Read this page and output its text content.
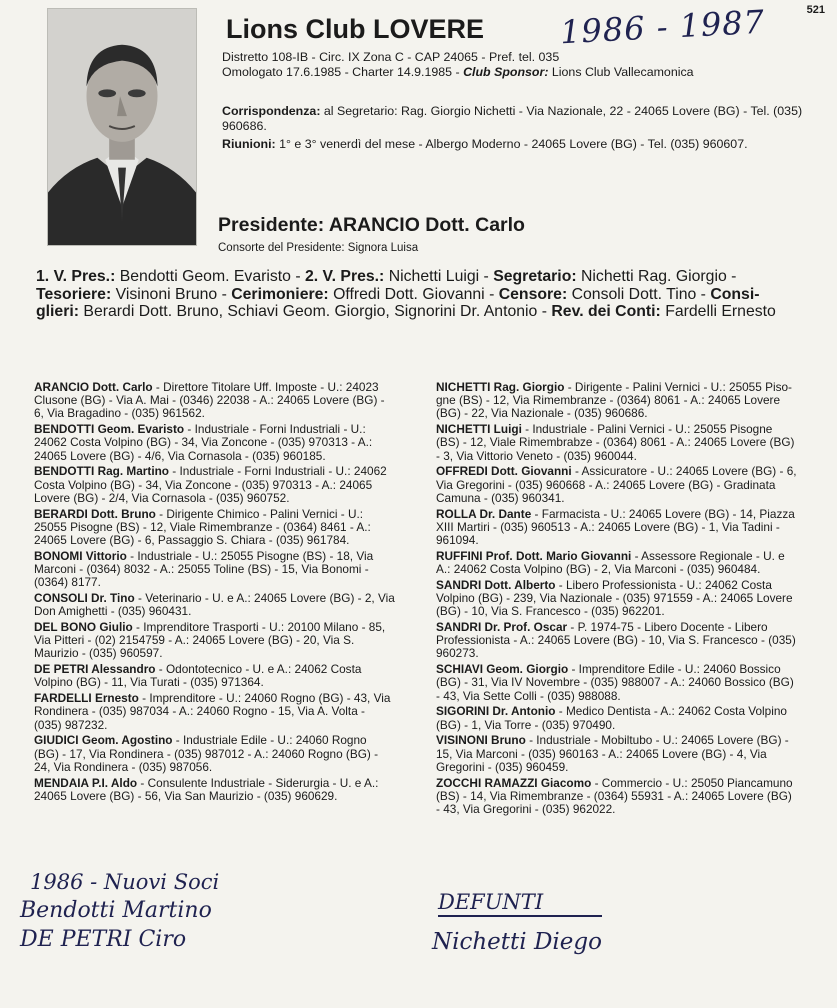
521
1986 - 1987
Lions Club LOVERE
Distretto 108-IB - Circ. IX Zona C - CAP 24065 - Pref. tel. 035
Omologato 17.6.1985 - Charter 14.9.1985 - Club Sponsor: Lions Club Vallecamonica
Corrispondenza: al Segretario: Rag. Giorgio Nichetti - Via Nazionale, 22 - 24065 Lovere (BG) - Tel. (035)
960686.
Riunioni: 1° e 3° venerdì del mese - Albergo Moderno - 24065 Lovere (BG) - Tel. (035) 960607.
Presidente: ARANCIO Dott. Carlo
Consorte del Presidente: Signora Luisa
1. V. Pres.: Bendotti Geom. Evaristo - 2. V. Pres.: Nichetti Luigi - Segretario: Nichetti Rag. Giorgio -
Tesoriere: Visinoni Bruno - Cerimoniere: Offredi Dott. Giovanni - Censore: Consoli Dott. Tino - Consi-
glieri: Berardi Dott. Bruno, Schiavi Geom. Giorgio, Signorini Dr. Antonio - Rev. dei Conti: Fardelli Ernesto
ARANCIO Dott. Carlo - Direttore Titolare Uff. Imposte - U.: 24023
Clusone (BG) - Via A. Mai - (0346) 22038 - A.: 24065 Lovere (BG) -
6, Via Bragadino - (035) 961562.
BENDOTTI Geom. Evaristo - Industriale - Forni Industriali - U.:
24062 Costa Volpino (BG) - 34, Via Zoncone - (035) 970313 - A.:
24065 Lovere (BG) - 4/6, Via Cornasola - (035) 960185.
BENDOTTI Rag. Martino - Industriale - Forni Industriali - U.: 24062
Costa Volpino (BG) - 34, Via Zoncone - (035) 970313 - A.: 24065
Lovere (BG) - 2/4, Via Cornasola - (035) 960752.
BERARDI Dott. Bruno - Dirigente Chimico - Palini Vernici - U.:
25055 Pisogne (BS) - 12, Viale Rimembranze - (0364) 8461 - A.:
24065 Lovere (BG) - 6, Passaggio S. Chiara - (035) 961784.
BONOMI Vittorio - Industriale - U.: 25055 Pisogne (BS) - 18, Via
Marconi - (0364) 8032 - A.: 25055 Toline (BS) - 15, Via Bonomi -
(0364) 8177.
CONSOLI Dr. Tino - Veterinario - U. e A.: 24065 Lovere (BG) - 2, Via
Don Amighetti - (035) 960431.
DEL BONO Giulio - Imprenditore Trasporti - U.: 20100 Milano - 85,
Via Pitteri - (02) 2154759 - A.: 24065 Lovere (BG) - 20, Via S.
Maurizio - (035) 960597.
DE PETRI Alessandro - Odontotecnico - U. e A.: 24062 Costa
Volpino (BG) - 11, Via Turati - (035) 971364.
FARDELLI Ernesto - Imprenditore - U.: 24060 Rogno (BG) - 43, Via
Rondinera - (035) 987034 - A.: 24060 Rogno - 15, Via A. Volta -
(035) 987232.
GIUDICI Geom. Agostino - Industriale Edile - U.: 24060 Rogno
(BG) - 17, Via Rondinera - (035) 987012 - A.: 24060 Rogno (BG) -
24, Via Rondinera - (035) 987056.
MENDAIA P.I. Aldo - Consulente Industriale - Siderurgia - U. e A.:
24065 Lovere (BG) - 56, Via San Maurizio - (035) 960629.
NICHETTI Rag. Giorgio - Dirigente - Palini Vernici - U.: 25055 Piso-
gne (BS) - 12, Via Rimembranze - (0364) 8061 - A.: 24065 Lovere
(BG) - 22, Via Nazionale - (035) 960686.
NICHETTI Luigi - Industriale - Palini Vernici - U.: 25055 Pisogne
(BS) - 12, Viale Rimembrabze - (0364) 8061 - A.: 24065 Lovere (BG)
- 3, Via Vittorio Veneto - (035) 960044.
OFFREDI Dott. Giovanni - Assicuratore - U.: 24065 Lovere (BG) - 6,
Via Gregorini - (035) 960668 - A.: 24065 Lovere (BG) - Gradinata
Camuna - (035) 960341.
ROLLA Dr. Dante - Farmacista - U.: 24065 Lovere (BG) - 14, Piazza
XIII Martiri - (035) 960513 - A.: 24065 Lovere (BG) - 1, Via Tadini -
961094.
RUFFINI Prof. Dott. Mario Giovanni - Assessore Regionale - U. e
A.: 24062 Costa Volpino (BG) - 2, Via Marconi - (035) 960484.
SANDRI Dott. Alberto - Libero Professionista - U.: 24062 Costa
Volpino (BG) - 239, Via Nazionale - (035) 971559 - A.: 24065 Lovere
(BG) - 10, Via S. Francesco - (035) 962201.
SANDRI Dr. Prof. Oscar - P. 1974-75 - Libero Docente - Libero
Professionista - A.: 24065 Lovere (BG) - 10, Via S. Francesco - (035)
960273.
SCHIAVI Geom. Giorgio - Imprenditore Edile - U.: 24060 Bossico
(BG) - 31, Via IV Novembre - (035) 988007 - A.: 24060 Bossico (BG)
- 43, Via Sette Colli - (035) 988088.
SIGORINI Dr. Antonio - Medico Dentista - A.: 24062 Costa Volpino
(BG) - 1, Via Torre - (035) 970490.
VISINONI Bruno - Industriale - Mobiltubo - U.: 24065 Lovere (BG) -
15, Via Marconi - (035) 960163 - A.: 24065 Lovere (BG) - 4, Via
Gregorini - (035) 960459.
ZOCCHI RAMAZZI Giacomo - Commercio - U.: 25050 Piancamuno
(BS) - 14, Via Rimembranze - (0364) 55931 - A.: 24065 Lovere (BG)
- 43, Via Gregorini - (035) 962022.
1986 - Nuovi Soci
Bendotti Martino
DE PETRI Ciro
DEFUNTI
Nichetti Diego
